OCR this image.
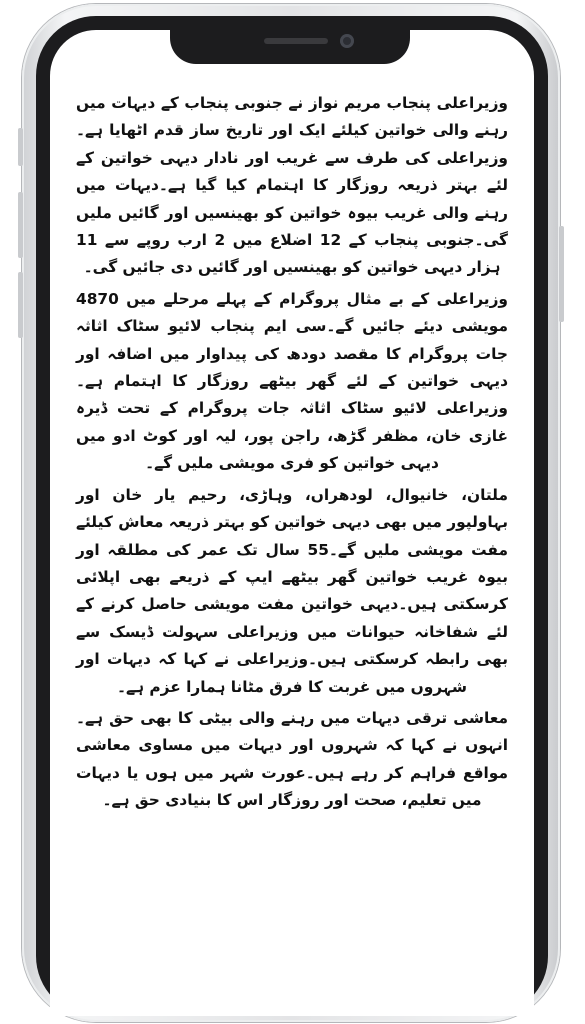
وزیراعلی پنجاب مریم نواز نے جنوبی پنجاب کے دیہات میں رہنے والی خواتین کیلئے ایک اور تاریخ ساز قدم اٹھایا ہے۔وزیراعلی کی طرف سے غریب اور نادار دیہی خواتین کے لئے بہتر ذریعہ روزگار کا اہتمام کیا گیا ہے۔دیہات میں رہنے والی غریب بیوہ خواتین کو بھینسیں اور گائیں ملیں گی۔جنوبی پنجاب کے 12 اضلاع میں 2 ارب روپے سے 11 ہزار دیہی خواتین کو بھینسیں اور گائیں دی جائیں گی۔

وزیراعلی کے بے مثال پروگرام کے پہلے مرحلے میں 4870 مویشی دیئے جائیں گے۔سی ایم پنجاب لائیو سٹاک اثاثہ جات پروگرام کا مقصد دودھ کی پیداوار میں اضافہ اور دیہی خواتین کے لئے گھر بیٹھے روزگار کا اہتمام ہے۔وزیراعلی لائیو سٹاک اثاثہ جات پروگرام کے تحت ڈیرہ غازی خان، مظفر گڑھ، راجن پور، لیہ اور کوٹ ادو میں دیہی خواتین کو فری مویشی ملیں گے۔

ملتان، خانیوال، لودھراں، وہاڑی، رحیم یار خان اور بہاولپور میں بھی دیہی خواتین کو بہتر ذریعہ معاش کیلئے مفت مویشی ملیں گے۔55 سال تک عمر کی مطلقہ اور بیوہ غریب خواتین گھر بیٹھے ایپ کے ذریعے بھی اپلائی کرسکتی ہیں۔دیہی خواتین مفت مویشی حاصل کرنے کے لئے شفاخانہ حیوانات میں وزیراعلی سہولت ڈیسک سے بھی رابطہ کرسکتی ہیں۔وزیراعلی نے کہا کہ دیہات اور شہروں میں غربت کا فرق مٹانا ہمارا عزم ہے۔

معاشی ترقی دیہات میں رہنے والی بیٹی کا بھی حق ہے۔انہوں نے کہا کہ شہروں اور دیہات میں مساوی معاشی مواقع فراہم کر رہے ہیں۔عورت شہر میں ہوں یا دیہات میں تعلیم، صحت اور روزگار اس کا بنیادی حق ہے۔
